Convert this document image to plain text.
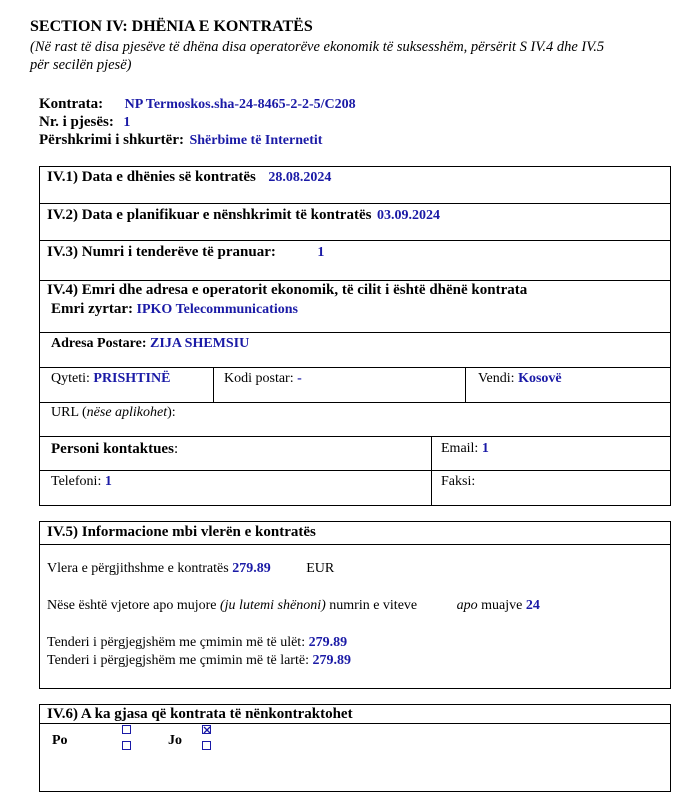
SECTION IV: DHËNIA E KONTRATËS
(Në rast të disa pjesëve të dhëna disa operatorëve ekonomik të suksesshëm, përsërit S IV.4 dhe IV.5
për secilën pjesë)
Kontrata: NP Termoskos.sha-24-8465-2-2-5/C208
Nr. i pjesës: 1
Përshkrimi i shkurtër: Shërbime të Internetit
IV.1) Data e dhënies së kontratës 28.08.2024
IV.2) Data e planifikuar e nënshkrimit të kontratës 03.09.2024
IV.3) Numri i tenderëve të pranuar:	1
IV.4) Emri dhe adresa e operatorit ekonomik, të cilit i është dhënë kontrata
Emri zyrtar: IPKO Telecommunications
Adresa Postare: ZIJA SHEMSIU
Qyteti: PRISHTINË	Kodi postar: -	Vendi: Kosovë
URL (nëse aplikohet):
Personi kontaktues:	Email: 1
Telefoni: 1	Faksi:
IV.5) Informacione mbi vlerën e kontratës
Vlera e përgjithshme e kontratës 279.89	EUR
Nëse është vjetore apo mujore (ju lutemi shënoni) numrin e viteve	apo muajve 24
Tenderi i përgjegjshëm me çmimin më të ulët: 279.89
Tenderi i përgjegjshëm me çmimin më të lartë: 279.89
IV.6) A ka gjasa që kontrata të nënkontraktohet
Po	Jo
